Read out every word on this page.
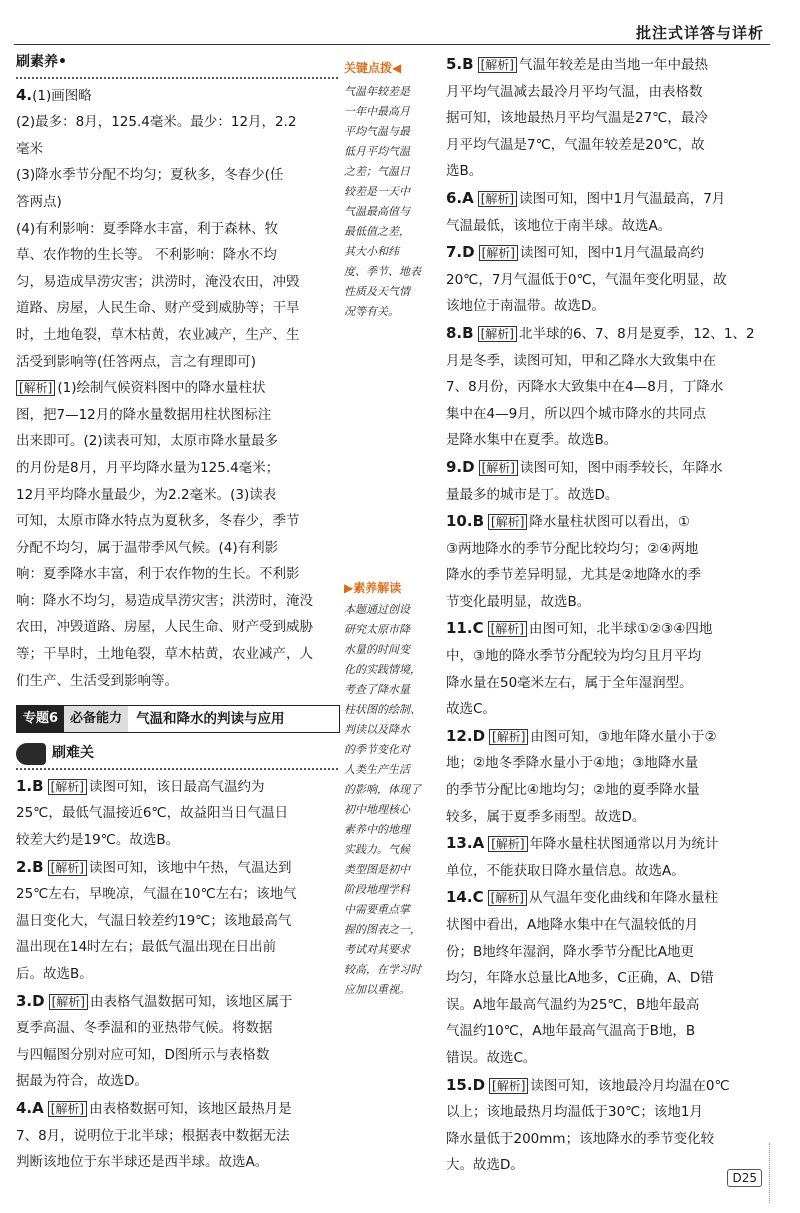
批注式详答与详析
刷素养•

4.(1)画图略

(2)最多：8月，125.4毫米。最少：12月，2.2

毫米

(3)降水季节分配不均匀；夏秋多，冬春少(任

答两点)

(4)有利影响：夏季降水丰富，利于森林、牧

草、农作物的生长等。 不利影响：降水不均

匀，易造成旱涝灾害；洪涝时，淹没农田，冲毁

道路、房屋，人民生命、财产受到威胁等；干旱

时，土地龟裂，草木枯黄，农业减产，生产、生

活受到影响等(任答两点，言之有理即可)

[解析] (1)绘制气候资料图中的降水量柱状

图，把7—12月的降水量数据用柱状图标注

出来即可。(2)读表可知，太原市降水量最多

的月份是8月，月平均降水量为125.4毫米；

12月平均降水量最少，为2.2毫米。(3)读表

可知，太原市降水特点为夏秋多，冬春少，季节

分配不均匀，属于温带季风气候。(4)有利影

响：夏季降水丰富，利于农作物的生长。不利影

响：降水不均匀，易造成旱涝灾害；洪涝时，淹没

农田，冲毁道路、房屋，人民生命、财产受到威胁

等；干旱时，土地龟裂，草木枯黄，农业减产，人

们生产、生活受到影响等。

专题6 必备能力	气温和降水的判读与应用
刷难关

1.B [解析] 读图可知，该日最高气温约为

25℃，最低气温接近6℃，故益阳当日气温日

较差大约是19℃。故选B。

2.B [解析] 读图可知，该地中午热，气温达到

25℃左右，早晚凉，气温在10℃左右；该地气

温日变化大，气温日较差约19℃；该地最高气

温出现在14时左右；最低气温出现在日出前

后。故选B。

3.D [解析] 由表格气温数据可知，该地区属于

夏季高温、冬季温和的亚热带气候。将数据

与四幅图分别对应可知，D图所示与表格数

据最为符合，故选D。

4.A [解析] 由表格数据可知，该地区最热月是

7、8月，说明位于北半球；根据表中数据无法

判断该地位于东半球还是西半球。故选A。

关键点拨◀
气温年较差是
一年中最高月
平均气温与最
低月平均气温
之差；气温日
较差是一天中
气温最高值与
最低值之差，
其大小和纬
度、季节、地表
性质及天气情
况等有关。
▶素养解读
本题通过创设
研究太原市降
水量的时间变
化的实践情境，
考查了降水量
柱状图的绘制、
判读以及降水
的季节变化对
人类生产生活
的影响，体现了
初中地理核心
素养中的地理
实践力。气候
类型图是初中
阶段地理学科
中需要重点掌
握的图表之一，
考试对其要求
较高，在学习时
应加以重视。

5.B [解析] 气温年较差是由当地一年中最热

月平均气温减去最冷月平均气温，由表格数

据可知，该地最热月平均气温是27℃，最冷

月平均气温是7℃，气温年较差是20℃，故

选B。

6.A [解析] 读图可知，图中1月气温最高，7月

气温最低，该地位于南半球。故选A。

7.D [解析] 读图可知，图中1月气温最高约

20℃，7月气温低于0℃，气温年变化明显，故

该地位于南温带。故选D。

8.B [解析] 北半球的6、7、8月是夏季，12、1、2

月是冬季，读图可知，甲和乙降水大致集中在

7、8月份，丙降水大致集中在4—8月，丁降水

集中在4—9月，所以四个城市降水的共同点

是降水集中在夏季。故选B。

9.D [解析] 读图可知，图中雨季较长，年降水

量最多的城市是丁。故选D。

10.B [解析] 降水量柱状图可以看出，①

③两地降水的季节分配比较均匀；②④两地

降水的季节差异明显，尤其是②地降水的季

节变化最明显，故选B。

11.C [解析] 由图可知，北半球①②③④四地

中，③地的降水季节分配较为均匀且月平均

降水量在50毫米左右，属于全年湿润型。

故选C。

12.D [解析] 由图可知，③地年降水量小于②

地；②地冬季降水量小于④地；③地降水量

的季节分配比④地均匀；②地的夏季降水量

较多，属于夏季多雨型。故选D。

13.A [解析] 年降水量柱状图通常以月为统计

单位，不能获取日降水量信息。故选A。

14.C [解析] 从气温年变化曲线和年降水量柱

状图中看出，A地降水集中在气温较低的月

份；B地终年湿润，降水季节分配比A地更

均匀，年降水总量比A地多，C正确，A、D错

误。A地年最高气温约为25℃，B地年最高

气温约10℃，A地年最高气温高于B地，B

错误。故选C。

15.D [解析] 读图可知，该地最冷月均温在0℃

以上；该地最热月均温低于30℃；该地1月

降水量低于200mm；该地降水的季节变化较

大。故选D。

D25
